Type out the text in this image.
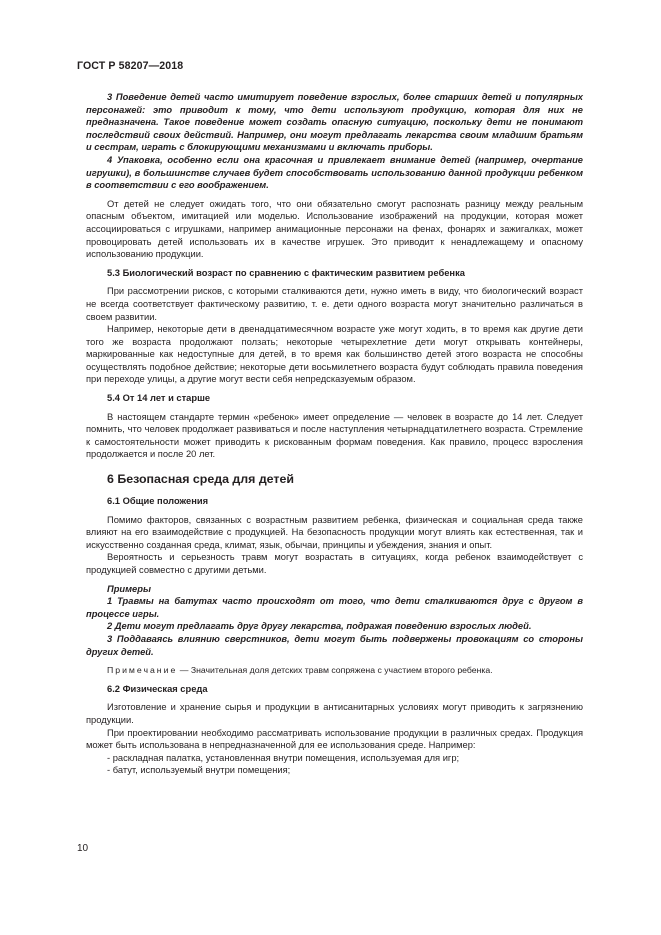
ГОСТ Р 58207—2018

3 Поведение детей часто имитирует поведение взрослых, более старших детей и популярных персонажей: это приводит к тому, что дети используют продукцию, которая для них не предназначена. Такое поведение может создать опасную ситуацию, поскольку дети не понимают последствий своих действий. Например, они могут предлагать лекарства своим младшим братьям и сестрам, играть с блокирующими механизмами и включать приборы.

4 Упаковка, особенно если она красочная и привлекает внимание детей (например, очертание игрушки), в большинстве случаев будет способствовать использованию данной продукции ребенком в соответствии с его воображением.

От детей не следует ожидать того, что они обязательно смогут распознать разницу между реальным опасным объектом, имитацией или моделью. Использование изображений на продукции, которая может ассоциироваться с игрушками, например анимационные персонажи на фенах, фонарях и зажигалках, может провоцировать детей использовать их в качестве игрушек. Это приводит к ненадлежащему и опасному использованию продукции.

5.3 Биологический возраст по сравнению с фактическим развитием ребенка

При рассмотрении рисков, с которыми сталкиваются дети, нужно иметь в виду, что биологический возраст не всегда соответствует фактическому развитию, т. е. дети одного возраста могут значительно различаться в своем развитии.

Например, некоторые дети в двенадцатимесячном возрасте уже могут ходить, в то время как другие дети того же возраста продолжают ползать; некоторые четырехлетние дети могут открывать контейнеры, маркированные как недоступные для детей, в то время как большинство детей этого возраста не способны осуществлять подобное действие; некоторые дети восьмилетнего возраста будут соблюдать правила поведения при переходе улицы, а другие могут вести себя непредсказуемым образом.

5.4 От 14 лет и старше

В настоящем стандарте термин «ребенок» имеет определение — человек в возрасте до 14 лет. Следует помнить, что человек продолжает развиваться и после наступления четырнадцатилетнего возраста. Стремление к самостоятельности может приводить к рискованным формам поведения. Как правило, процесс взросления продолжается и после 20 лет.

6 Безопасная среда для детей
6.1 Общие положения

Помимо факторов, связанных с возрастным развитием ребенка, физическая и социальная среда также влияют на его взаимодействие с продукцией. На безопасность продукции могут влиять как естественная, так и искусственно созданная среда, климат, язык, обычаи, принципы и убеждения, знания и опыт.

Вероятность и серьезность травм могут возрастать в ситуациях, когда ребенок взаимодействует с продукцией совместно с другими детьми.

Примеры

1 Травмы на батутах часто происходят от того, что дети сталкиваются друг с другом в процессе игры.

2 Дети могут предлагать друг другу лекарства, подражая поведению взрослых людей.

3 Поддаваясь влиянию сверстников, дети могут быть подвержены провокациям со стороны других детей.

Примечание — Значительная доля детских травм сопряжена с участием второго ребенка.

6.2 Физическая среда

Изготовление и хранение сырья и продукции в антисанитарных условиях могут приводить к загрязнению продукции.

При проектировании необходимо рассматривать использование продукции в различных средах. Продукция может быть использована в непредназначенной для ее использования среде. Например:

- раскладная палатка, установленная внутри помещения, используемая для игр;

- батут, используемый внутри помещения;

10
